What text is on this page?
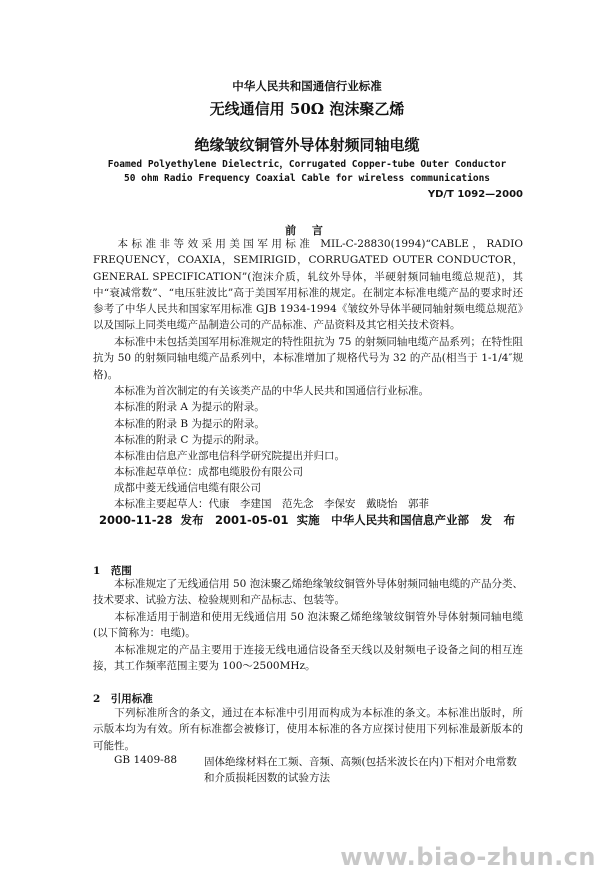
中华人民共和国通信行业标准
无线通信用 50Ω 泡沫聚乙烯
绝缘皱纹铜管外导体射频同轴电缆
Foamed Polyethylene Dielectric，Corrugated Copper-tube Outer Conductor
50 ohm Radio Frequency Coaxial Cable for wireless communications
YD/T 1092—2000
前 言
本标准非等效采用美国军用标准 MIL-C-28830(1994)“CABLE，RADIO FREQUENCY，COAXIA，SEMIRIGID，CORRUGATED OUTER CONDUCTOR，GENERAL SPECIFICATION”(泡沫介质，轧纹外导体，半硬射频同轴电缆总规范)，其中“衰减常数”、“电压驻波比”高于美国军用标准的规定。在制定本标准电缆产品的要求时还参考了中华人民共和国家军用标准 GJB 1934-1994《皱纹外导体半硬同轴射频电缆总规范》以及国际上同类电缆产品制造公司的产品标准、产品资料及其它相关技术资料。
本标准中未包括美国军用标准规定的特性阻抗为 75 的射频同轴电缆产品系列；在特性阻抗为 50 的射频同轴电缆产品系列中，本标准增加了规格代号为 32 的产品(相当于 1-1/4″规格)。
本标准为首次制定的有关该类产品的中华人民共和国通信行业标准。
本标准的附录 A 为提示的附录。
本标准的附录 B 为提示的附录。
本标准的附录 C 为提示的附录。
本标准由信息产业部电信科学研究院提出并归口。
本标准起草单位：成都电缆股份有限公司
成都中菱无线通信电缆有限公司
本标准主要起草人：代康　李建国　范先念　李保安　戴晓怡　郭菲
2000-11-28 发布　2001-05-01 实施　中华人民共和国信息产业部　发　布
1　范围
本标准规定了无线通信用 50 泡沫聚乙烯绝缘皱纹铜管外导体射频同轴电缆的产品分类、技术要求、试验方法、检验规则和产品标志、包装等。
本标准适用于制造和使用无线通信用 50 泡沫聚乙烯绝缘皱纹铜管外导体射频同轴电缆(以下简称为：电缆)。
本标准规定的产品主要用于连接无线电通信设备至天线以及射频电子设备之间的相互连接，其工作频率范围主要为 100～2500MHz。
2　引用标准
下列标准所含的条文，通过在本标准中引用而构成为本标准的条文。本标准出版时，所示版本均为有效。所有标准都会被修订，使用本标准的各方应探讨使用下列标准最新版本的可能性。
GB 1409-88	固体绝缘材料在工频、音频、高频(包括米波长在内)下相对介电常数和介质损耗因数的试验方法
www.biao-zhun.cn
